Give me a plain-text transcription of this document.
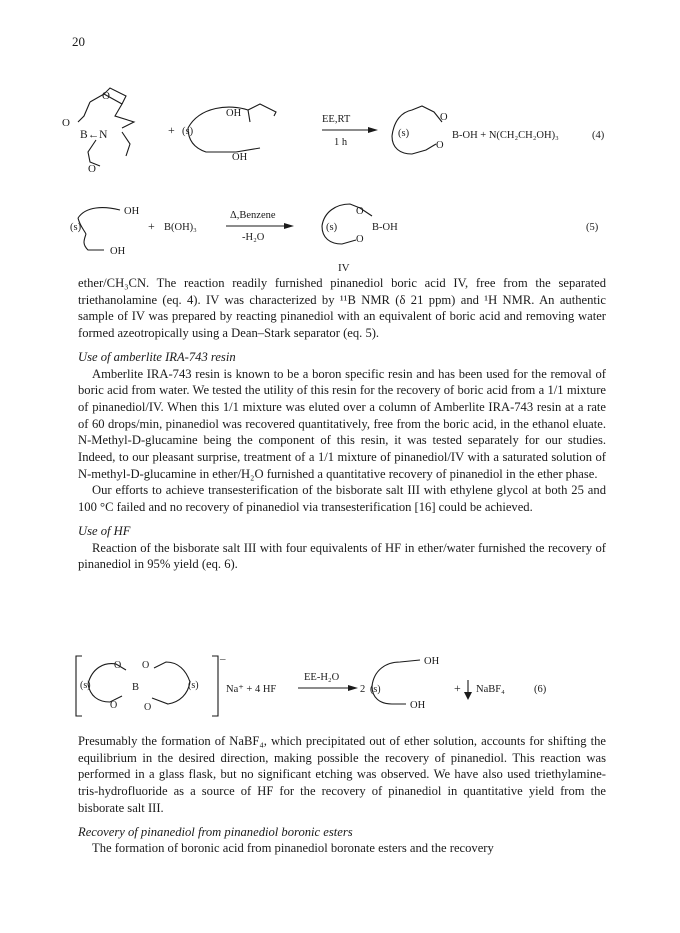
20
O
O
B←N
O
+ (s)
OH
OH
EE,RT
1 h
(s)
O
O
B-OH + N(CH₂CH₂OH)₃	(4)
OH
(s)
OH
+ B(OH)₃
Δ,Benzene
-H₂O
(s)
O
O
B-OH
IV
(5)

ether/CH₃CN. The reaction readily furnished pinanediol boric acid IV, free from the separated triethanolamine (eq. 4). IV was characterized by ¹¹B NMR (δ 21 ppm) and ¹H NMR. An authentic sample of IV was prepared by reacting pinanediol with an equivalent of boric acid and removing water formed azeotropically using a Dean–Stark separator (eq. 5).

Use of amberlite IRA-743 resin

Amberlite IRA-743 resin is known to be a boron specific resin and has been used for the removal of boric acid from water. We tested the utility of this resin for the recovery of boric acid from a 1/1 mixture of pinanediol/IV. When this 1/1 mixture was eluted over a column of Amberlite IRA-743 resin at a rate of 60 drops/min, pinanediol was recovered quantitatively, free from the boric acid, in the ethanol eluate. N-Methyl-D-glucamine being the component of this resin, it was tested separately for our studies. Indeed, to our pleasant surprise, treatment of a 1/1 mixture of pinanediol/IV with a saturated solution of N-methyl-D-glucamine in ether/H₂O furnished a quantitative recovery of pinanediol in the ether phase.

Our efforts to achieve transesterification of the bisborate salt III with ethylene glycol at both 25 and 100 °C failed and no recovery of pinanediol via transesterification [16] could be achieved.

Use of HF

Reaction of the bisborate salt III with four equivalents of HF in ether/water furnished the recovery of pinanediol in 95% yield (eq. 6).

–
(s)
O O
B
O	O
(s)	Na⁺ + 4 HF
EE-H₂O
2 (s)
OH
OH
+ NaBF₄	(6)

Presumably the formation of NaBF₄, which precipitated out of ether solution, accounts for shifting the equilibrium in the desired direction, making possible the recovery of pinanediol. This reaction was performed in a glass flask, but no significant etching was observed. We have also used triethylamine-tris-hydrofluoride as a source of HF for the recovery of pinanediol in quantitative yield from the bisborate salt III.

Recovery of pinanediol from pinanediol boronic esters

The formation of boronic acid from pinanediol boronate esters and the recovery
